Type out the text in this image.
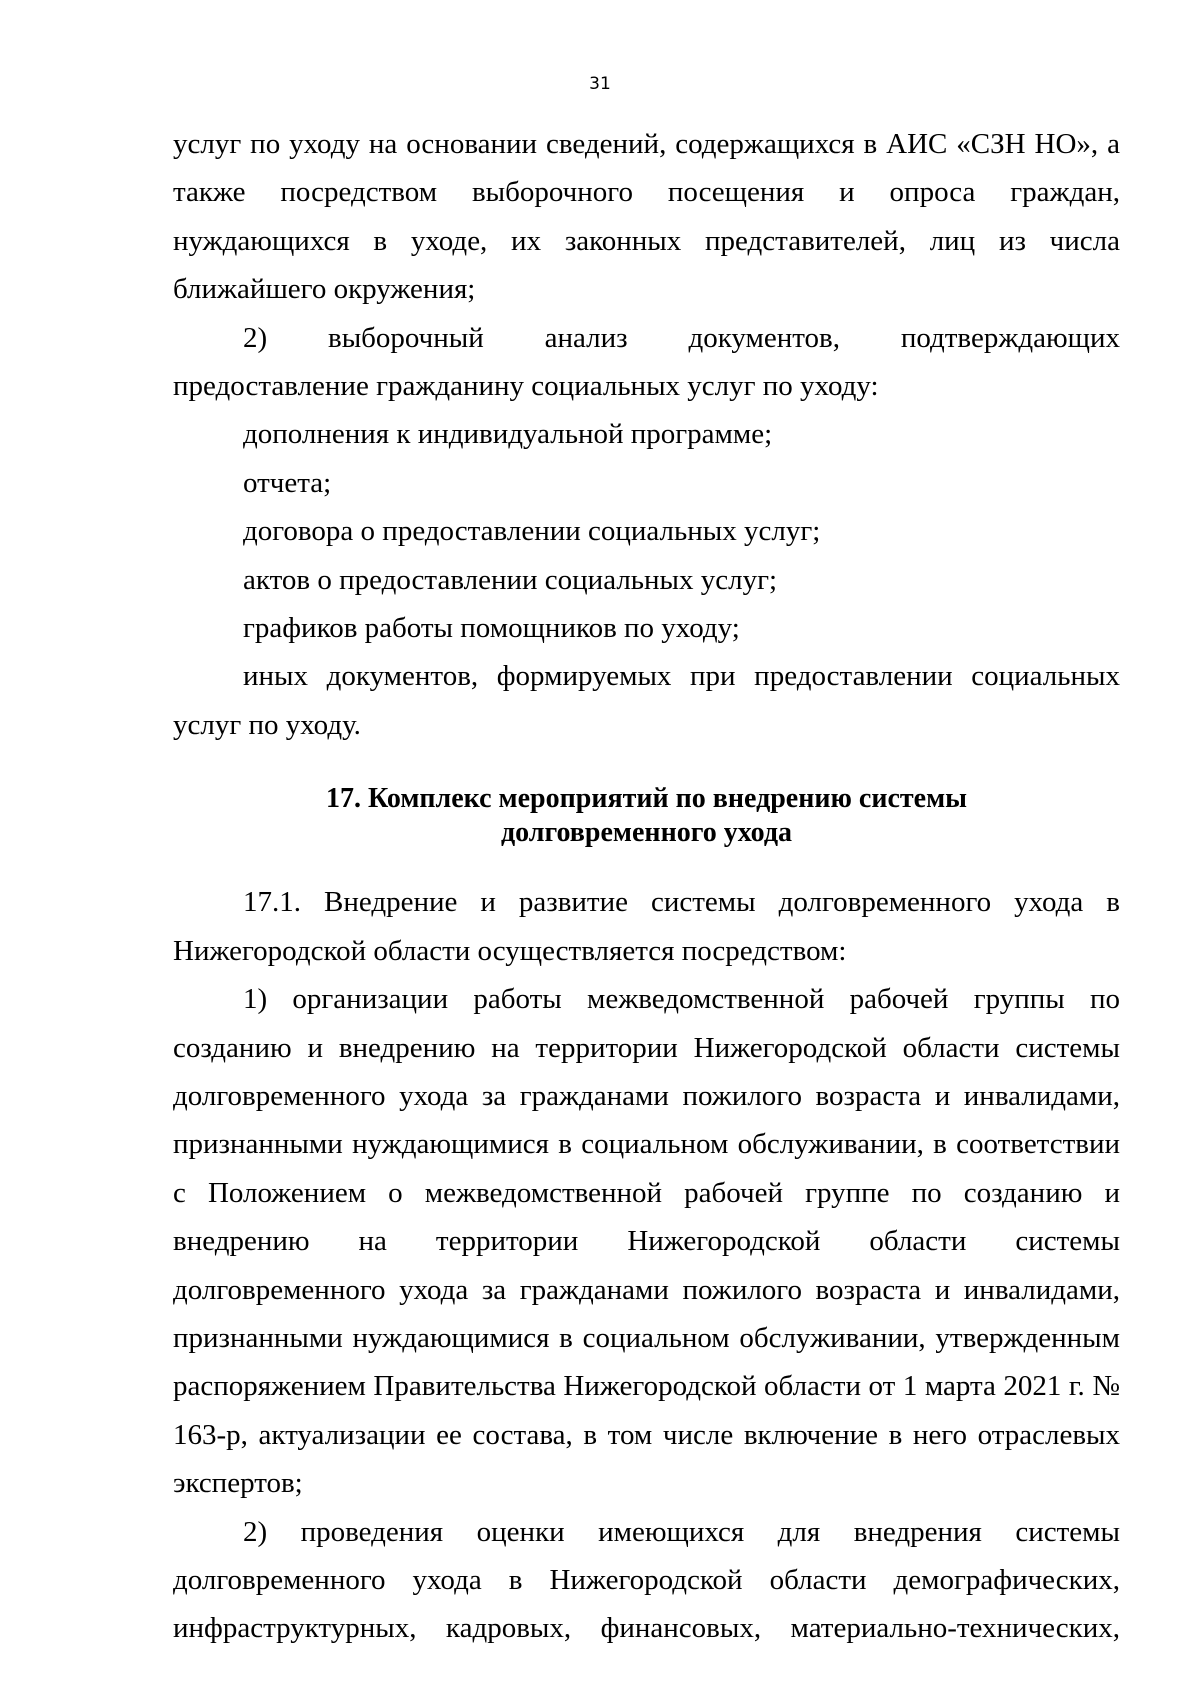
31

услуг по уходу на основании сведений, содержащихся в АИС «СЗН НО», а также посредством выборочного посещения и опроса граждан, нуждающихся в уходе, их законных представителей, лиц из числа ближайшего окружения;

2) выборочный анализ документов, подтверждающих

предоставление гражданину социальных услуг по уходу:

дополнения к индивидуальной программе;

отчета;

договора о предоставлении социальных услуг;

актов о предоставлении социальных услуг;

графиков работы помощников по уходу;

иных документов, формируемых при предоставлении социальных

услуг по уходу.

17. Комплекс мероприятий по внедрению системы

долговременного ухода

17.1. Внедрение и развитие системы долговременного ухода в

Нижегородской области осуществляется посредством:

1) организации работы межведомственной рабочей группы по

созданию и внедрению на территории Нижегородской области системы долговременного ухода за гражданами пожилого возраста и инвалидами, признанными нуждающимися в социальном обслуживании, в соответствии с Положением о межведомственной рабочей группе по созданию и внедрению на территории Нижегородской области системы долговременного ухода за гражданами пожилого возраста и инвалидами, признанными нуждающимися в социальном обслуживании, утвержденным распоряжением Правительства Нижегородской области от 1 марта 2021 г. № 163-р, актуализации ее состава, в том числе включение в него отраслевых экспертов;

2) проведения оценки имеющихся для внедрения системы

долговременного ухода в Нижегородской области демографических,

инфраструктурных, кадровых, финансовых, материально-технических,
